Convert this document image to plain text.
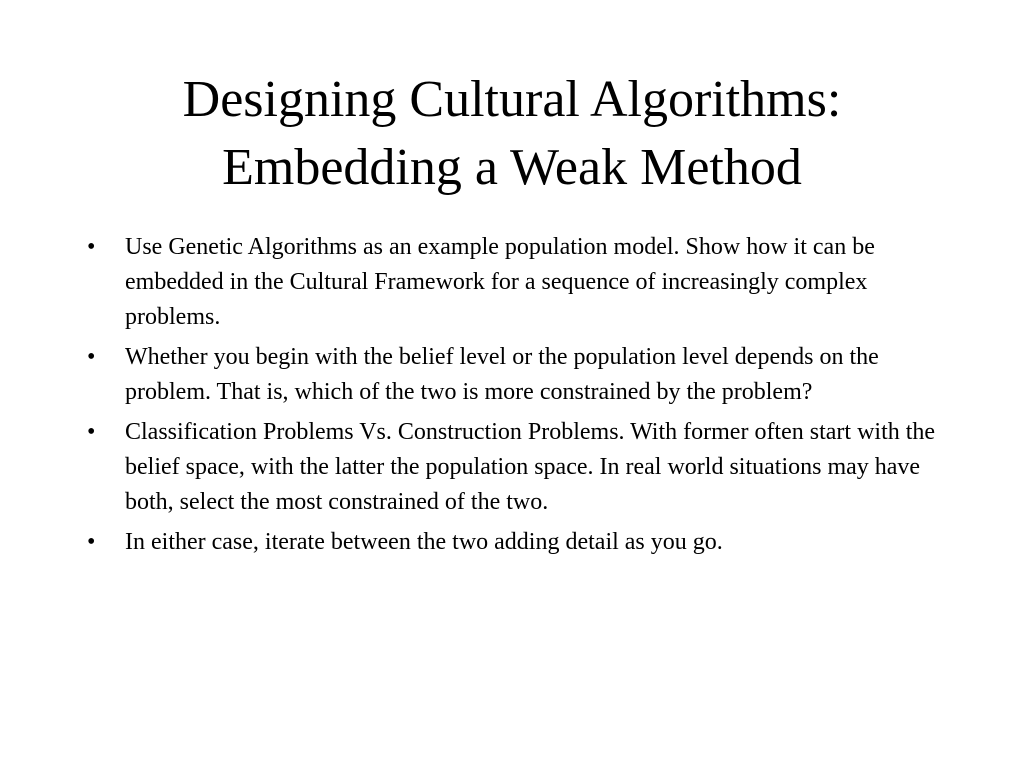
Designing Cultural Algorithms:
Embedding a Weak Method
• Use Genetic Algorithms as an example population model. Show how it can be embedded in the Cultural Framework for a sequence of increasingly complex problems.
• Whether you begin with the belief level or the population level depends on the problem. That is, which of the two is more constrained by the problem?
• Classification Problems Vs. Construction Problems. With former often start with the belief space, with the latter the population space. In real world situations may have both, select the most constrained of the two.
• In either case, iterate between the two adding detail as you go.
